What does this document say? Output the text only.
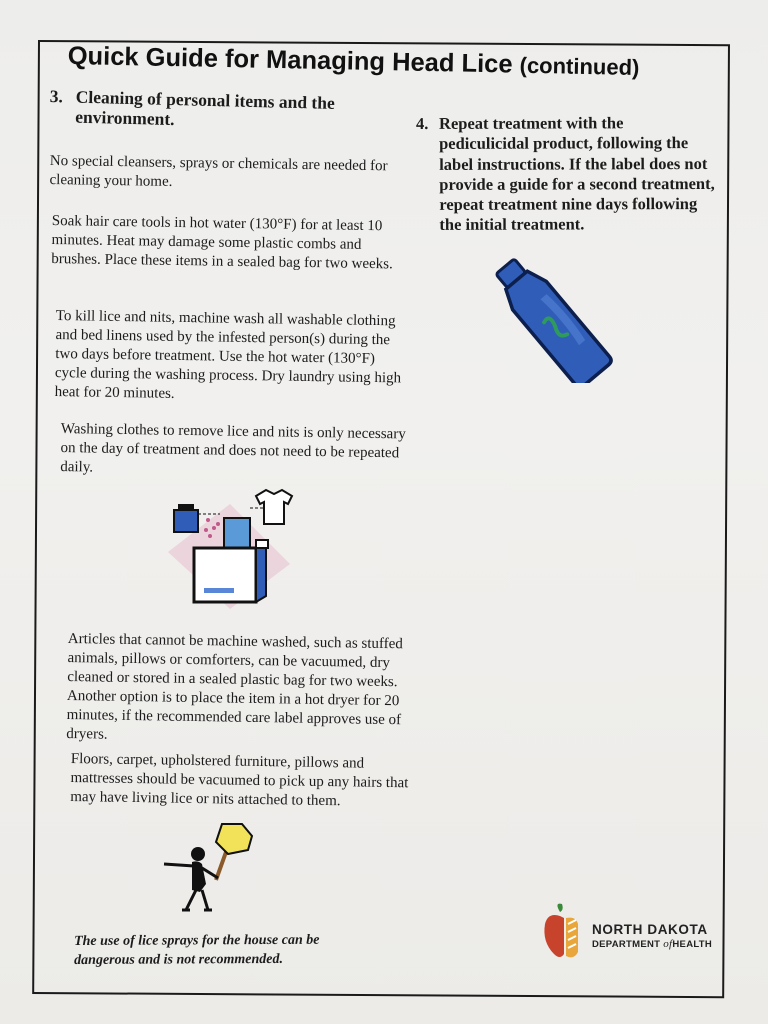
Quick Guide for Managing Head Lice (continued)
3. Cleaning of personal items and the environment.
No special cleansers, sprays or chemicals are needed for cleaning your home.
Soak hair care tools in hot water (130°F) for at least 10 minutes. Heat may damage some plastic combs and brushes. Place these items in a sealed bag for two weeks.
To kill lice and nits, machine wash all washable clothing and bed linens used by the infested person(s) during the two days before treatment. Use the hot water (130°F) cycle during the washing process. Dry laundry using high heat for 20 minutes.
Washing clothes to remove lice and nits is only necessary on the day of treatment and does not need to be repeated daily.
Articles that cannot be machine washed, such as stuffed animals, pillows or comforters, can be vacuumed, dry cleaned or stored in a sealed plastic bag for two weeks. Another option is to place the item in a hot dryer for 20 minutes, if the recommended care label approves use of dryers.
Floors, carpet, upholstered furniture, pillows and mattresses should be vacuumed to pick up any hairs that may have living lice or nits attached to them.
4. Repeat treatment with the pediculicidal product, following the label instructions. If the label does not provide a guide for a second treatment, repeat treatment nine days following the initial treatment.
The use of lice sprays for the house can be dangerous and is not recommended.
NORTH DAKOTA
DEPARTMENT ofHEALTH
